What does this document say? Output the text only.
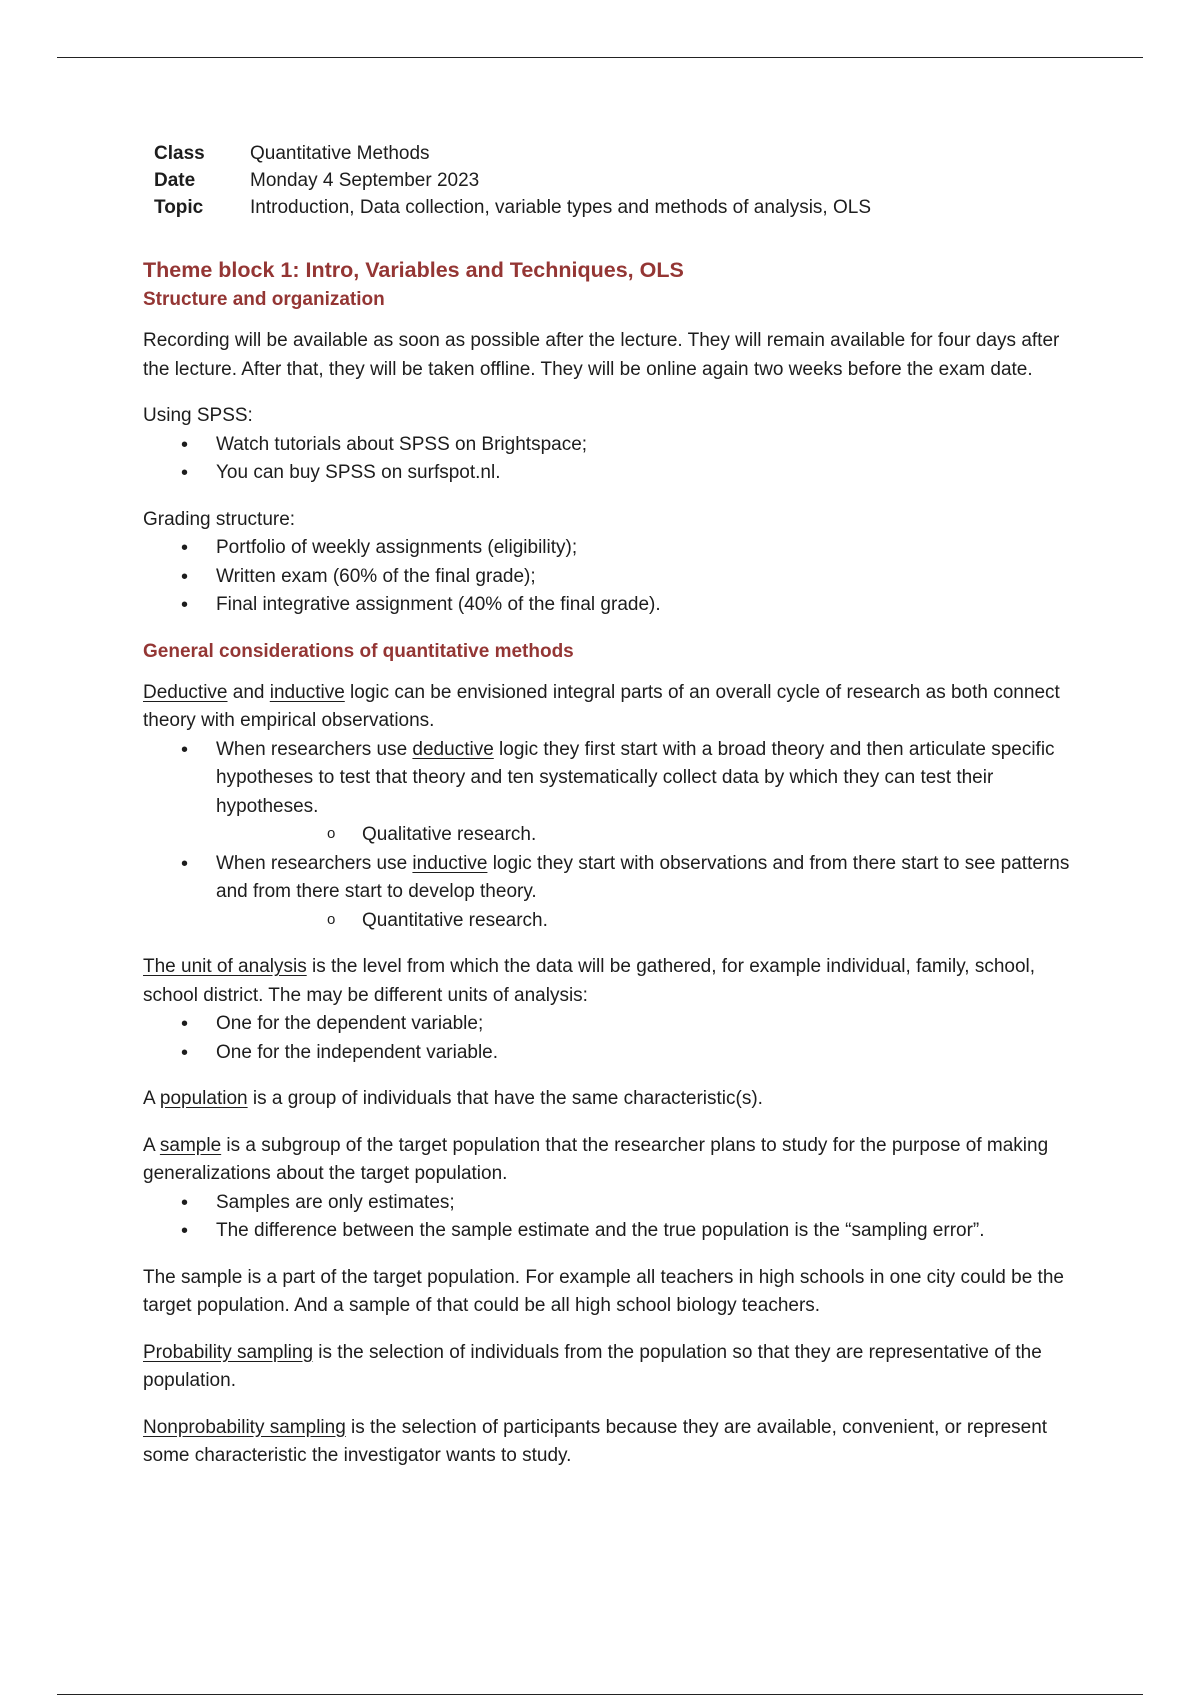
Class	Quantitative Methods
Date	Monday 4 September 2023
Topic	Introduction, Data collection, variable types and methods of analysis, OLS
Theme block 1: Intro, Variables and Techniques, OLS
Structure and organization

Recording will be available as soon as possible after the lecture. They will remain available for four days after the lecture. After that, they will be taken offline. They will be online again two weeks before the exam date.

Using SPSS:

• Watch tutorials about SPSS on Brightspace;
• You can buy SPSS on surfspot.nl.

Grading structure:

• Portfolio of weekly assignments (eligibility);
• Written exam (60% of the final grade);
• Final integrative assignment (40% of the final grade).
General considerations of quantitative methods

Deductive and inductive logic can be envisioned integral parts of an overall cycle of research as both connect theory with empirical observations.

• When researchers use deductive logic they first start with a broad theory and then articulate specific hypotheses to test that theory and ten systematically collect data by which they can test their hypotheses.
o Qualitative research.
• When researchers use inductive logic they start with observations and from there start to see patterns and from there start to develop theory.
o Quantitative research.

The unit of analysis is the level from which the data will be gathered, for example individual, family, school, school district. The may be different units of analysis:

• One for the dependent variable;
• One for the independent variable.

A population is a group of individuals that have the same characteristic(s).

A sample is a subgroup of the target population that the researcher plans to study for the purpose of making generalizations about the target population.

• Samples are only estimates;
• The difference between the sample estimate and the true population is the “sampling error”.

The sample is a part of the target population. For example all teachers in high schools in one city could be the target population. And a sample of that could be all high school biology teachers.

Probability sampling is the selection of individuals from the population so that they are representative of the population.

Nonprobability sampling is the selection of participants because they are available, convenient, or represent some characteristic the investigator wants to study.
